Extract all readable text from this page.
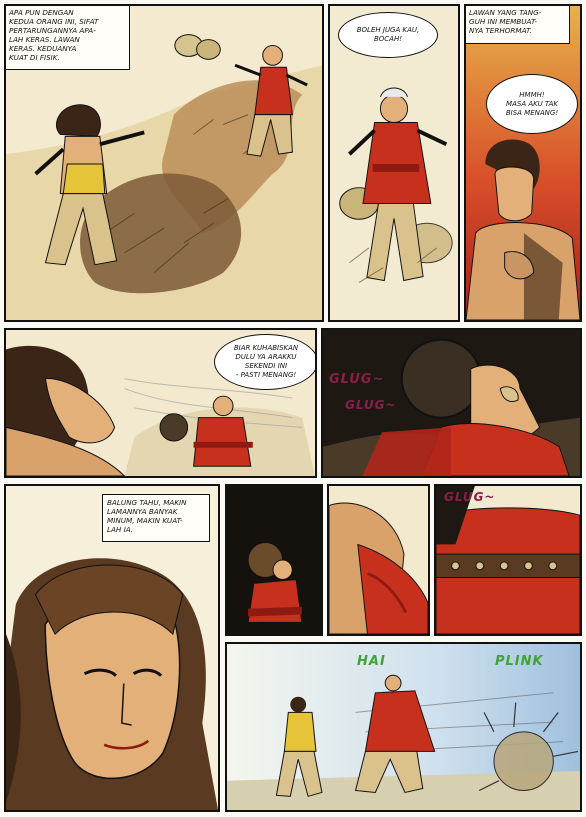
APA PUN DENGAN
KEDUA ORANG INI, SIFAT
PERTARUNGANNYA APA-
LAH KERAS. LAWAN
KERAS. KEDUANYA
KUAT DI FISIK.
BOLEH JUGA KAU,
BOCAH!
LAWAN YANG TANG-
GUH INI MEMBUAT-
NYA TERHORMAT.
HMMH!
MASA AKU TAK
BISA MENANG!
BIAR KUHABISKAN
DULU YA ARAKKU
SEKENDI INI
- PASTI MENANG!	GLUG~
GLUG~
BALUNG TAHU, MAKIN
LAMANNYA BANYAK
MINUM, MAKIN KUAT-
LAH IA.
GLUG~
HAI	PLINK
